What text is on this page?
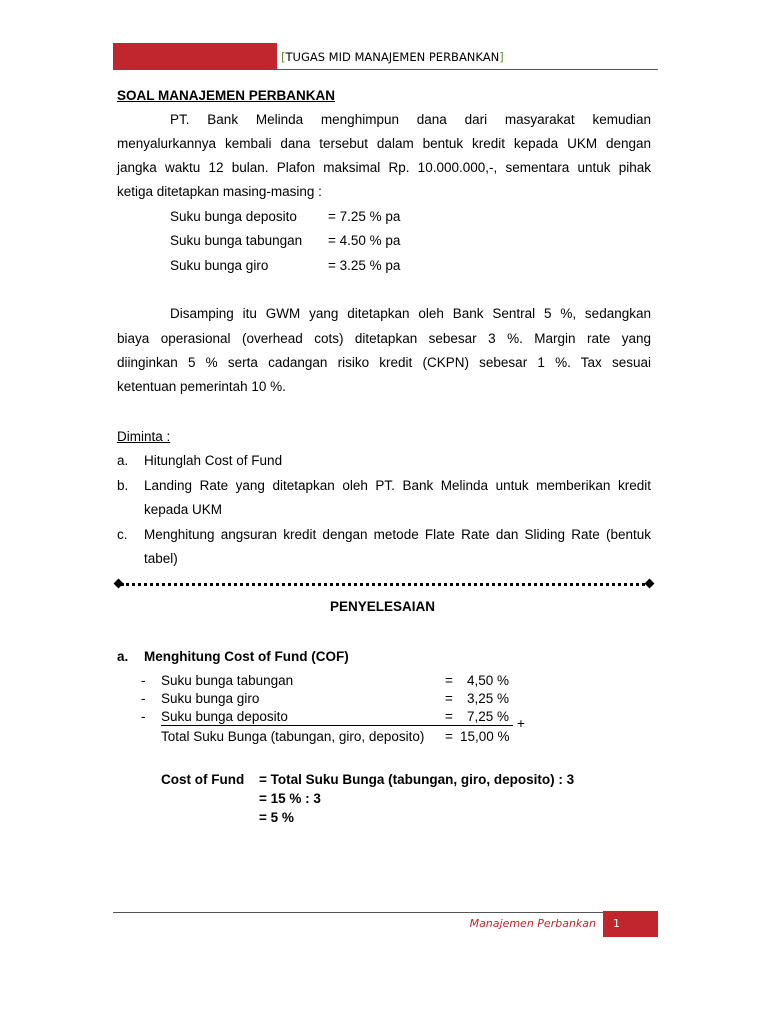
[TUGAS MID MANAJEMEN PERBANKAN]
SOAL MANAJEMEN PERBANKAN
PT. Bank Melinda menghimpun dana dari masyarakat kemudian
menyalurkannya kembali dana tersebut dalam bentuk kredit kepada UKM dengan
jangka waktu 12 bulan. Plafon maksimal Rp. 10.000.000,-, sementara untuk pihak
ketiga ditetapkan masing-masing :
Suku bunga deposito = 7.25 % pa
Suku bunga tabungan = 4.50 % pa
Suku bunga giro	= 3.25 % pa
Disamping itu GWM yang ditetapkan oleh Bank Sentral 5 %, sedangkan
biaya operasional (overhead cots) ditetapkan sebesar 3 %. Margin rate yang
diinginkan 5 % serta cadangan risiko kredit (CKPN) sebesar 1 %. Tax sesuai
ketentuan pemerintah 10 %.
Diminta :
a. Hitunglah Cost of Fund
b. Landing Rate yang ditetapkan oleh PT. Bank Melinda untuk memberikan kredit
kepada UKM
c. Menghitung angsuran kredit dengan metode Flate Rate dan Sliding Rate (bentuk
tabel)
PENYELESAIAN
a. Menghitung Cost of Fund (COF)
- Suku bunga tabungan	= 4,50 %
- Suku bunga giro	= 3,25 %
- Suku bunga deposito	= 7,25 % +
Total Suku Bunga (tabungan, giro, deposito) = 15,00 %
Cost of Fund = Total Suku Bunga (tabungan, giro, deposito) : 3
= 15 % : 3
= 5 %
Manajemen Perbankan 1
